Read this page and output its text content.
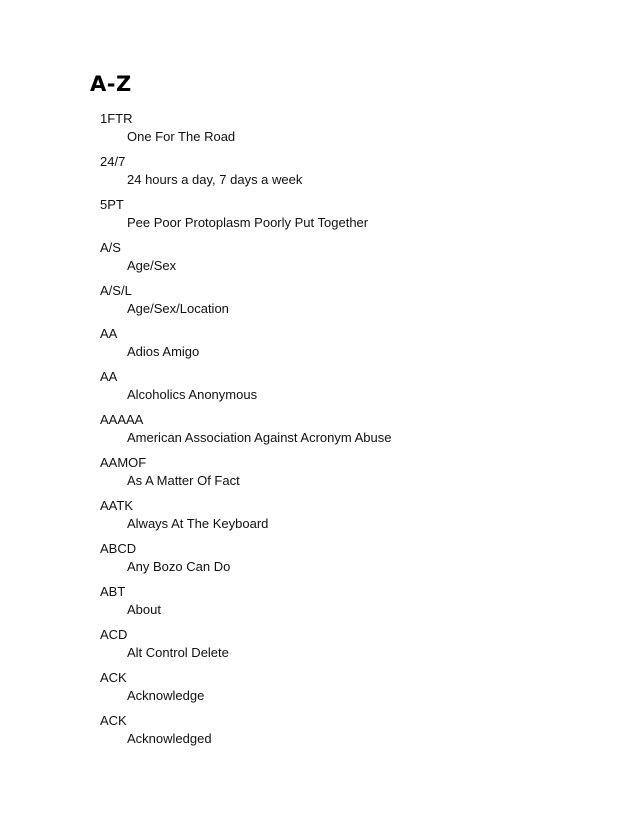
A-Z
1FTR
One For The Road
24/7
24 hours a day, 7 days a week
5PT
Pee Poor Protoplasm Poorly Put Together
A/S
Age/Sex
A/S/L
Age/Sex/Location
AA
Adios Amigo
AA
Alcoholics Anonymous
AAAAA
American Association Against Acronym Abuse
AAMOF
As A Matter Of Fact
AATK
Always At The Keyboard
ABCD
Any Bozo Can Do
ABT
About
ACD
Alt Control Delete
ACK
Acknowledge
ACK
Acknowledged
